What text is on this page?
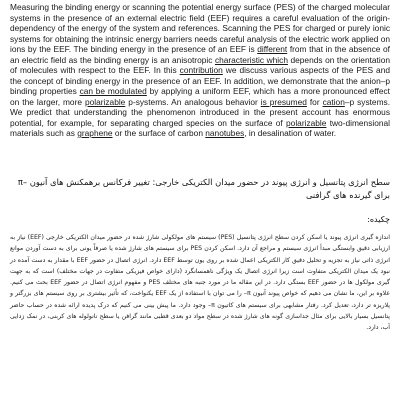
Measuring the binding energy or scanning the potential energy surface (PES) of the charged molecular systems in the presence of an external electric field (EEF) requires a careful evaluation of the origin-dependency of the energy of the system and references. Scanning the PES for charged or purely ionic systems for obtaining the intrinsic energy barriers needs careful analysis of the electric work applied on ions by the EEF. The binding energy in the presence of an EEF is different from that in the absence of an electric field as the binding energy is an anisotropic characteristic which depends on the orientation of molecules with respect to the EEF. In this contribution we discuss various aspects of the PES and the concept of binding energy in the presence of an EEF. In addition, we demonstrate that the anion–p binding properties can be modulated by applying a uniform EEF, which has a more pronounced effect on the larger, more polarizable p-systems. An analogous behavior is presumed for cation–p systems. We predict that understanding the phenomenon introduced in the present account has enormous potential, for example, for separating charged species on the surface of polarizable two-dimensional materials such as graphene or the surface of carbon nanotubes, in desalination of water.

سطح انرژی پتانسیل و انرژی پیوند در حضور میدان الکتریکی خارجی: تغییر فرکانس برهمکنش های آنیون –π برای گیرنده های گرافنی

چکیده:

اندازه گیری انرژی پیوند یا اسکن کردن سطح انرژی پتانسیل (PES) سیستم های مولکولی شارژ شده در حضور میدان الکتریکی خارجی (EEF) نیاز به ارزیابی دقیق وابستگی مبدأ انرژی سیستم و مراجع آن دارد. اسکن کردن PES برای سیستم های شارژ شده یا صرفاً یونی برای به دست آوردن موانع انرژی ذاتی نیاز به تجزیه و تحلیل دقیق کار الکتریکی اعمال شده بر روی یون توسط EEF دارد. انرژی اتصال در حضور EEF با مقدار به دست آمده در نبود یک میدان الکتریکی متفاوت است زیرا انرژی اتصال یک ویژگی ناهمسانگرد (دارای خواص فیزیکی متفاوت در جهات مختلف) است که به جهت گیری مولکول ها در حضور EEF بستگی دارد. در این مقاله ما در مورد جنبه های مختلف PES و مفهوم انرژی اتصال در حضور EEF بحث می کنیم. علاوه بر این، ما نشان می دهیم که خواص پیوند آنیون π– را می توان با استفاده از یک EEF یکنواخت، که تأثیر بیشتری بر روی سیستم های بزرگتر و پلاریزه تر دارد، تعدیل کرد. رفتار مشابهی برای سیستم های کاتیون π– وجود دارد. ما پیش بینی می کنیم که درک پدیده ارائه شده در حساب حاضر پتانسیل بسیار بالایی برای مثال جداسازی گونه های شارژ شده در سطح مواد دو بعدی قطبی مانند گرافن یا سطح نانولوله های کربنی، در نمک زدایی آب، دارد.
